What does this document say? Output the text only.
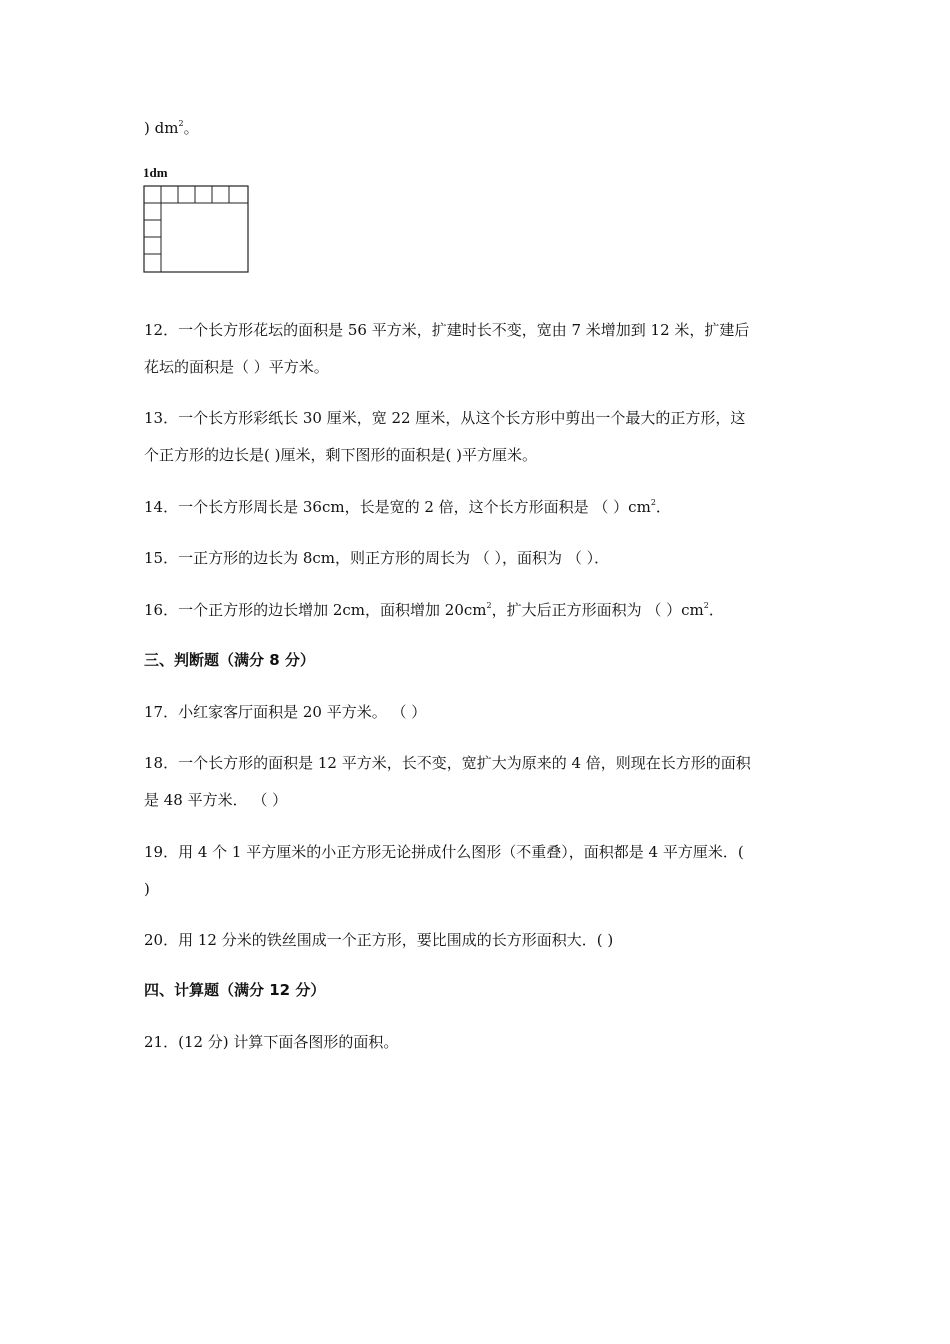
) $dm^2$。
1dm
12．一个长方形花坛的面积是 56 平方米，扩建时长不变，宽由 7 米增加到 12 米，扩建后
花坛的面积是（ ）平方米。
13．一个长方形彩纸长 30 厘米，宽 22 厘米，从这个长方形中剪出一个最大的正方形，这
个正方形的边长是( )厘米，剩下图形的面积是( )平方厘米。
14．一个长方形周长是 36cm，长是宽的 2 倍，这个长方形面积是 （ ）$cm^2$．
15．一正方形的边长为 8cm，则正方形的周长为 （ ），面积为 （ ）．
16．一个正方形的边长增加 2cm，面积增加 $20cm^2$，扩大后正方形面积为 （ ）$cm^2$．
三、判断题（满分 8 分）
17．小红家客厅面积是 20 平方米。 （ ）
18．一个长方形的面积是 12 平方米，长不变，宽扩大为原来的 4 倍，则现在长方形的面积
是 48 平方米． （ ）
19．用 4 个 1 平方厘米的小正方形无论拼成什么图形（不重叠），面积都是 4 平方厘米．(
)
20．用 12 分米的铁丝围成一个正方形，要比围成的长方形面积大．( )
四、计算题（满分 12 分）
21．(12 分) 计算下面各图形的面积。
